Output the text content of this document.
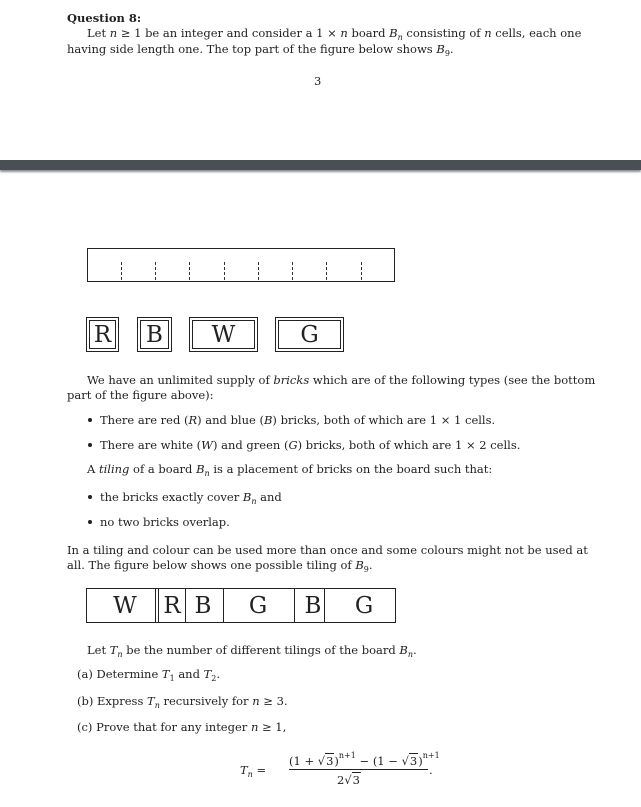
Question 8:
Let n ≥ 1 be an integer and consider a 1 × n board $B_n$ consisting of n cells, each one
having side length one. The top part of the figure below shows $B_9$.
3
R	B	W	G
We have an unlimited supply of bricks which are of the following types (see the bottom
part of the figure above):
There are red (R) and blue (B) bricks, both of which are 1 × 1 cells.
There are white (W) and green (G) bricks, both of which are 1 × 2 cells.
A tiling of a board $B_n$ is a placement of bricks on the board such that:
the bricks exactly cover $B_n$ and
no two bricks overlap.
In a tiling and colour can be used more than once and some colours might not be used at
all. The figure below shows one possible tiling of $B_9$.
W	R B	G	B	G
Let $T_n$ be the number of different tilings of the board $B_n$.
(a) Determine $T_1$ and $T_2$.
(b) Express $T_n$ recursively for n ≥ 3.
(c) Prove that for any integer n ≥ 1,
$T_n$ =
$(1 + √3)^{n+1} - (1 - √3)^{n+1}$
2√3
.
